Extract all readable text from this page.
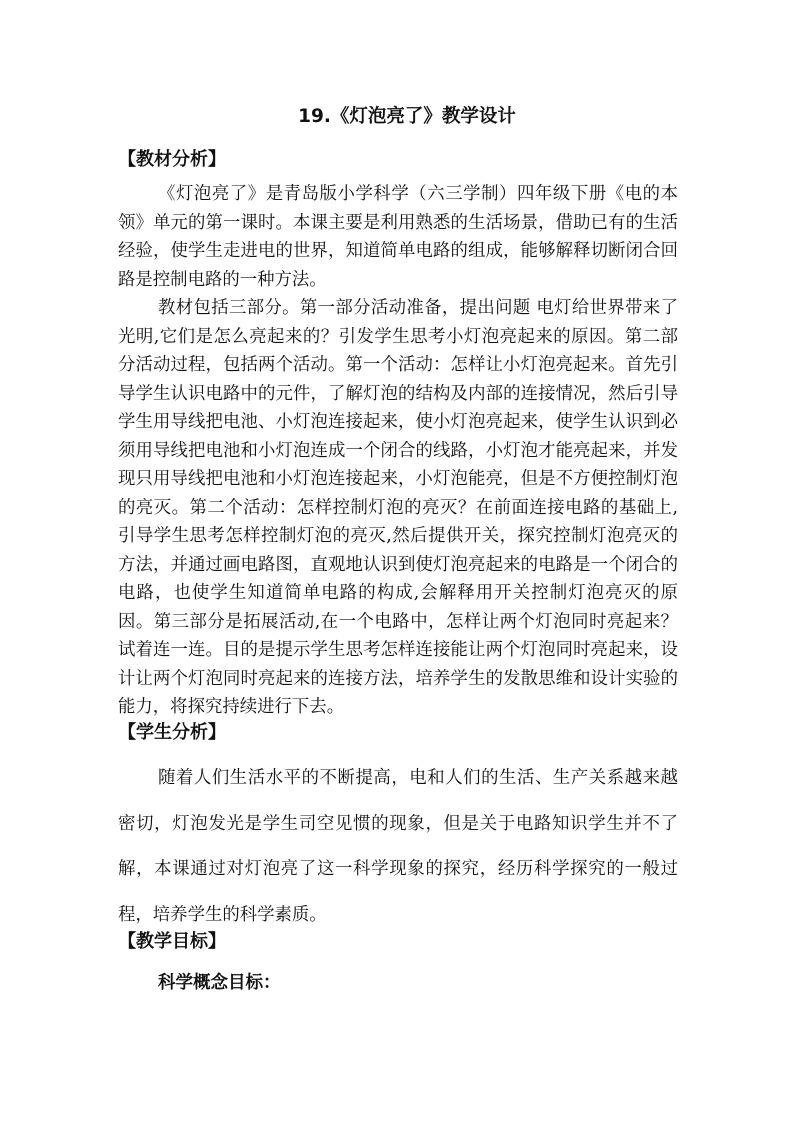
19.《灯泡亮了》教学设计
【教材分析】

《灯泡亮了》是青岛版小学科学（六三学制）四年级下册《电的本领》单元的第一课时。本课主要是利用熟悉的生活场景，借助已有的生活经验，使学生走进电的世界，知道简单电路的组成，能够解释切断闭合回路是控制电路的一种方法。

教材包括三部分。第一部分活动准备，提出问题 电灯给世界带来了光明,它们是怎么亮起来的？引发学生思考小灯泡亮起来的原因。第二部分活动过程，包括两个活动。第一个活动：怎样让小灯泡亮起来。首先引导学生认识电路中的元件，了解灯泡的结构及内部的连接情况，然后引导学生用导线把电池、小灯泡连接起来，使小灯泡亮起来，使学生认识到必须用导线把电池和小灯泡连成一个闭合的线路，小灯泡才能亮起来，并发现只用导线把电池和小灯泡连接起来，小灯泡能亮，但是不方便控制灯泡的亮灭。第二个活动：怎样控制灯泡的亮灭？在前面连接电路的基础上,引导学生思考怎样控制灯泡的亮灭,然后提供开关，探究控制灯泡亮灭的方法，并通过画电路图，直观地认识到使灯泡亮起来的电路是一个闭合的电路，也使学生知道简单电路的构成,会解释用开关控制灯泡亮灭的原因。第三部分是拓展活动,在一个电路中，怎样让两个灯泡同时亮起来？试着连一连。目的是提示学生思考怎样连接能让两个灯泡同时亮起来，设计让两个灯泡同时亮起来的连接方法，培养学生的发散思维和设计实验的能力，将探究持续进行下去。

【学生分析】

随着人们生活水平的不断提高，电和人们的生活、生产关系越来越密切，灯泡发光是学生司空见惯的现象，但是关于电路知识学生并不了解，本课通过对灯泡亮了这一科学现象的探究，经历科学探究的一般过程，培养学生的科学素质。

【教学目标】
科学概念目标：
